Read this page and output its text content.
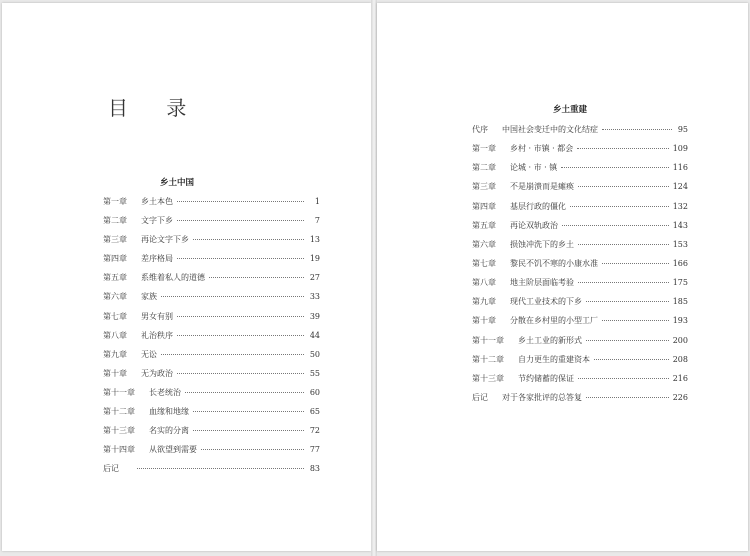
目 录
乡土中国
乡土重建
第一章 乡土本色	1
第二章 文字下乡	7
第三章 再论文字下乡	13
第四章 差序格局	19
第五章 系维着私人的道德	27
第六章 家族	33
第七章 男女有别	39
第八章 礼治秩序	44
第九章 无讼	50
第十章 无为政治	55
第十一章 长老统治	60
第十二章 血缘和地缘	65
第十三章 名实的分离	72
第十四章 从欲望到需要	77
后记	83
代序 中国社会变迁中的文化结症	95
第一章 乡村 · 市镇 · 都会	109
第二章 论城 · 市 · 镇	116
第三章 不是崩溃而是瘫痪	124
第四章 基层行政的僵化	132
第五章 再论双轨政治	143
第六章 损蚀冲洗下的乡土	153
第七章 黎民不饥不寒的小康水准	166
第八章 地主阶层面临考验	175
第九章 现代工业技术的下乡	185
第十章 分散在乡村里的小型工厂	193
第十一章 乡土工业的新形式	200
第十二章 自力更生的重建资本	208
第十三章 节约储蓄的保证	216
后记 对于各家批评的总答复	226
